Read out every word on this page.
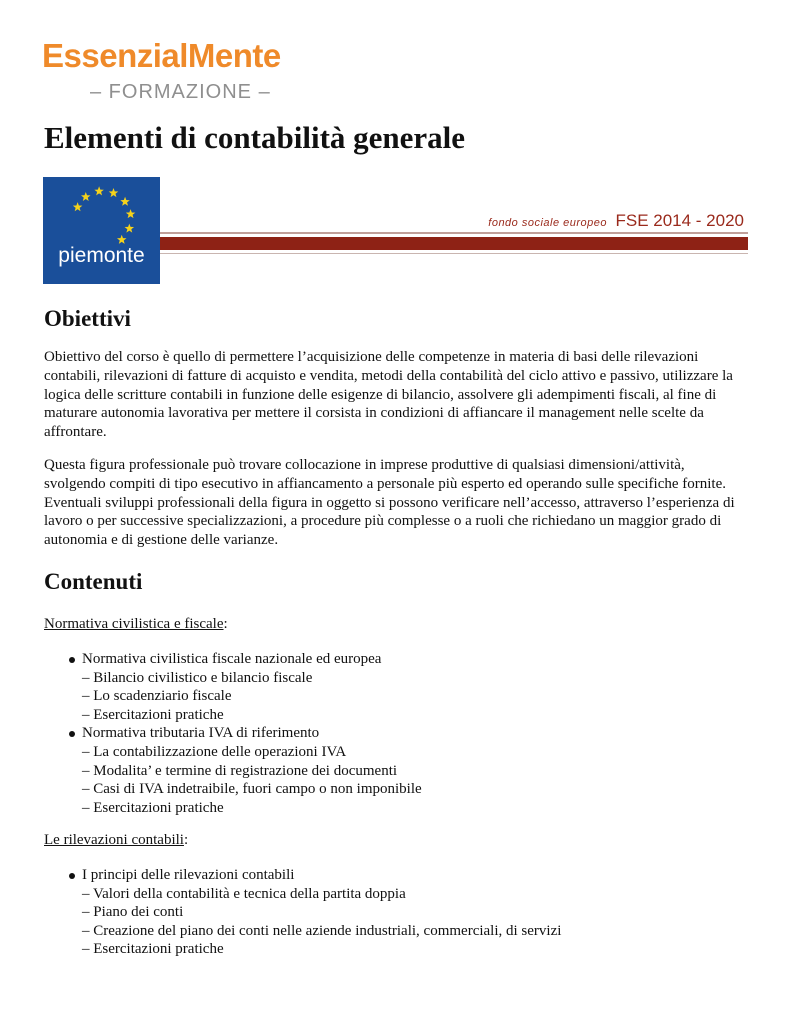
EssenzialMente
– FORMAZIONE –
Elementi di contabilità generale
piemonte
fondo sociale europeo FSE 2014 - 2020
Obiettivi

Obiettivo del corso è quello di permettere l’acquisizione delle competenze in materia di basi delle rilevazioni contabili, rilevazioni di fatture di acquisto e vendita, metodi della contabilità del ciclo attivo e passivo, utilizzare la logica delle scritture contabili in funzione delle esigenze di bilancio, assolvere gli adempimenti fiscali, al fine di maturare autonomia lavorativa per mettere il corsista in condizioni di affiancare il management nelle scelte da affrontare.

Questa figura professionale può trovare collocazione in imprese produttive di qualsiasi dimensioni/attività, svolgendo compiti di tipo esecutivo in affiancamento a personale più esperto ed operando sulle specifiche fornite. Eventuali sviluppi professionali della figura in oggetto si possono verificare nell’accesso, attraverso l’esperienza di lavoro o per successive specializzazioni, a procedure più complesse o a ruoli che richiedano un maggior grado di autonomia e di gestione delle varianze.

Contenuti
Normativa civilistica e fiscale:
Normativa civilistica fiscale nazionale ed europea
– Bilancio civilistico e bilancio fiscale
– Lo scadenziario fiscale
– Esercitazioni pratiche
Normativa tributaria IVA di riferimento
– La contabilizzazione delle operazioni IVA
– Modalita’ e termine di registrazione dei documenti
– Casi di IVA indetraibile, fuori campo o non imponibile
– Esercitazioni pratiche
Le rilevazioni contabili:
I principi delle rilevazioni contabili
– Valori della contabilità e tecnica della partita doppia
– Piano dei conti
– Creazione del piano dei conti nelle aziende industriali, commerciali, di servizi
– Esercitazioni pratiche
